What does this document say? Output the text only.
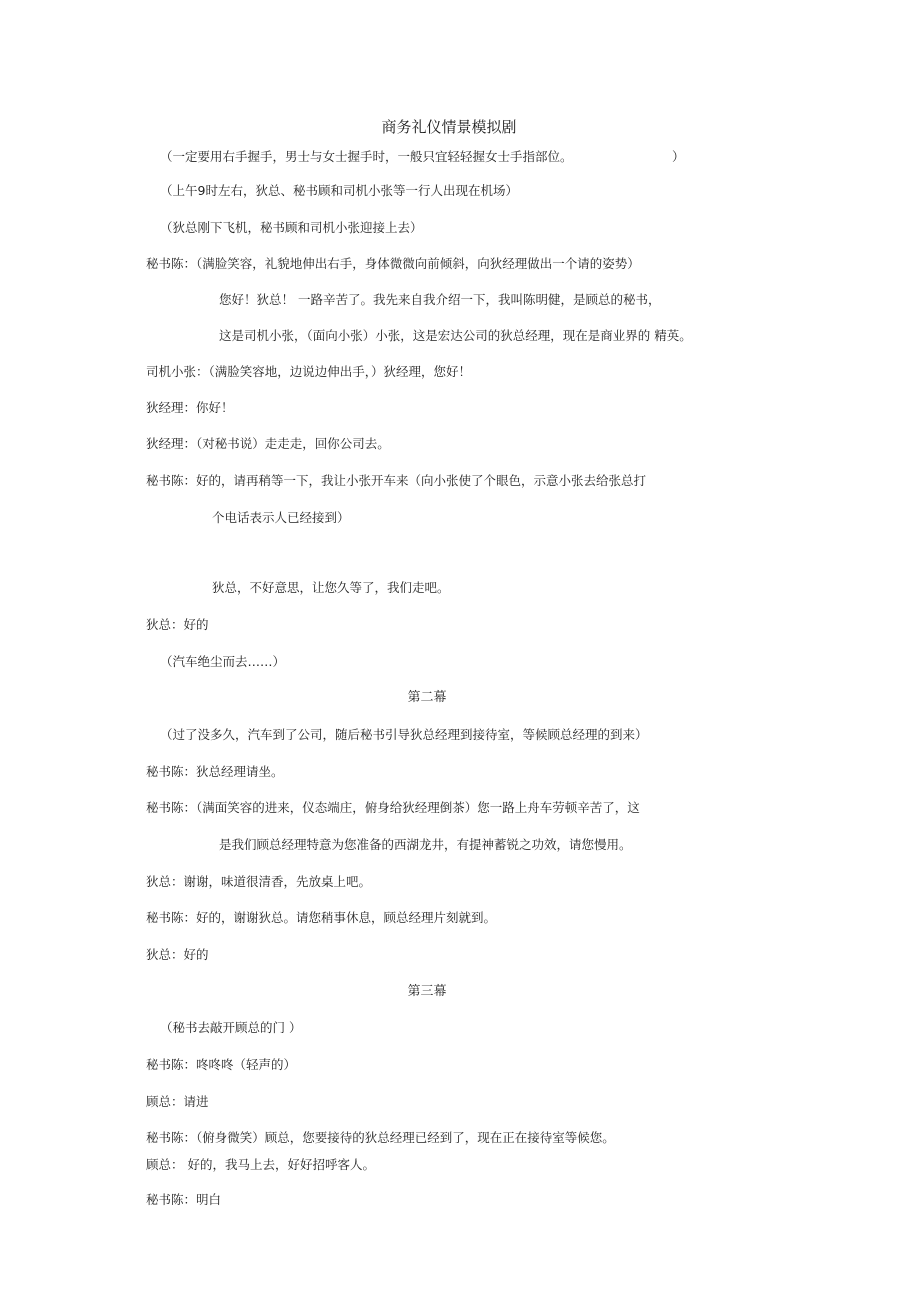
商务礼仪情景模拟剧
（一定要用右手握手，男士与女士握手时，一般只宜轻轻握女士手指部位。	）
（上午9时左右，狄总、秘书顾和司机小张等一行人出现在机场）
（狄总刚下飞机，秘书顾和司机小张迎接上去）
秘书陈：（满脸笑容，礼貌地伸出右手，身体微微向前倾斜，向狄经理做出一个请的姿势）
您好！狄总！ 一路辛苦了。我先来自我介绍一下，我叫陈明健，是顾总的秘书，
这是司机小张，（面向小张）小张，这是宏达公司的狄总经理，现在是商业界的 精英。
司机小张：（满脸笑容地，边说边伸出手，）狄经理，您好！
狄经理：你好！
狄经理：（对秘书说）走走走，回你公司去。
秘书陈：好的，请再稍等一下，我让小张开车来（向小张使了个眼色，示意小张去给张总打
个电话表示人已经接到）
狄总，不好意思，让您久等了，我们走吧。
狄总：好的
（汽车绝尘而去……）
第二幕
（过了没多久，汽车到了公司，随后秘书引导狄总经理到接待室，等候顾总经理的到来）
秘书陈：狄总经理请坐。
秘书陈：（满面笑容的进来，仪态端庄，俯身给狄经理倒茶）您一路上舟车劳顿辛苦了，这
是我们顾总经理特意为您准备的西湖龙井，有提神蓄锐之功效，请您慢用。
狄总：谢谢，味道很清香，先放桌上吧。
秘书陈：好的，谢谢狄总。请您稍事休息，顾总经理片刻就到。
狄总：好的
第三幕
（秘书去敲开顾总的门 ）
秘书陈：咚咚咚（轻声的）
顾总：请进
秘书陈：（俯身微笑）顾总，您要接待的狄总经理已经到了，现在正在接待室等候您。
顾总： 好的，我马上去，好好招呼客人。
秘书陈：明白
